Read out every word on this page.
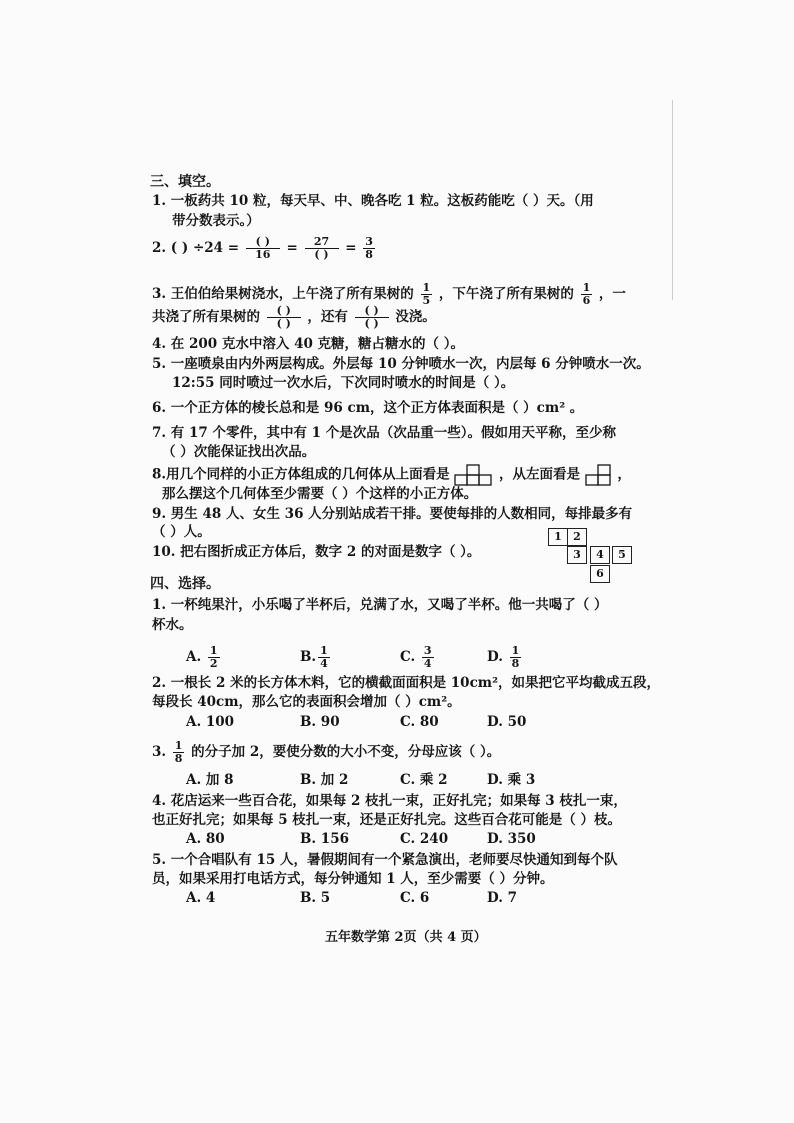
三、填空。
1. 一板药共 10 粒，每天早、中、晚各吃 1 粒。这板药能吃（ ）天。（用
带分数表示。）
2. ( ) $\div 24 = \frac{( )}{16} = \frac{27}{( )} = \frac{3}{8}$
3. 王伯伯给果树浇水，上午浇了所有果树的 $\frac{1}{5}$ ，下午浇了所有果树的 $\frac{1}{6}$ ，一
共浇了所有果树的 $\frac{( )}{( )}$ ，还有 $\frac{( )}{( )}$ 没浇。
4. 在 200 克水中溶入 40 克糖，糖占糖水的（ ）。
5. 一座喷泉由内外两层构成。外层每 10 分钟喷水一次，内层每 6 分钟喷水一次。
12:55 同时喷过一次水后，下次同时喷水的时间是（ ）。
6. 一个正方体的棱长总和是 96 cm，这个正方体表面积是（ ）cm² 。
7. 有 17 个零件，其中有 1 个是次品（次品重一些）。假如用天平称，至少称
（ ）次能保证找出次品。
8.用几个同样的小正方体组成的几何体从上面看是	，从左面看是	，
那么摆这个几何体至少需要（ ）个这样的小正方体。
9. 男生 48 人、女生 36 人分别站成若干排。要使每排的人数相同，每排最多有
（ ）人。
10. 把右图折成正方体后，数字 2 的对面是数字（ ）。
1	2
3	4	5
6
四、选择。
1. 一杯纯果汁，小乐喝了半杯后，兑满了水，又喝了半杯。他一共喝了（ ）
杯水。
A. $\frac{1}{2}$	B. $\frac{1}{4}$	C. $\frac{3}{4}$	D. $\frac{1}{8}$
2. 一根长 2 米的长方体木料，它的横截面面积是 10cm²，如果把它平均截成五段，
每段长 40cm，那么它的表面积会增加（ ）cm²。
A. 100	B. 90	C. 80	D. 50
3. $\frac{1}{8}$ 的分子加 2，要使分数的大小不变，分母应该（ ）。
A. 加 8	B. 加 2	C. 乘 2	D. 乘 3
4. 花店运来一些百合花，如果每 2 枝扎一束，正好扎完；如果每 3 枝扎一束，
也正好扎完；如果每 5 枝扎一束，还是正好扎完。这些百合花可能是（ ）枝。
A. 80	B. 156	C. 240	D. 350
5. 一个合唱队有 15 人，暑假期间有一个紧急演出，老师要尽快通知到每个队
员，如果采用打电话方式，每分钟通知 1 人，至少需要（ ）分钟。
A. 4	B. 5	C. 6	D. 7
五年数学第 2页（共 4 页）
